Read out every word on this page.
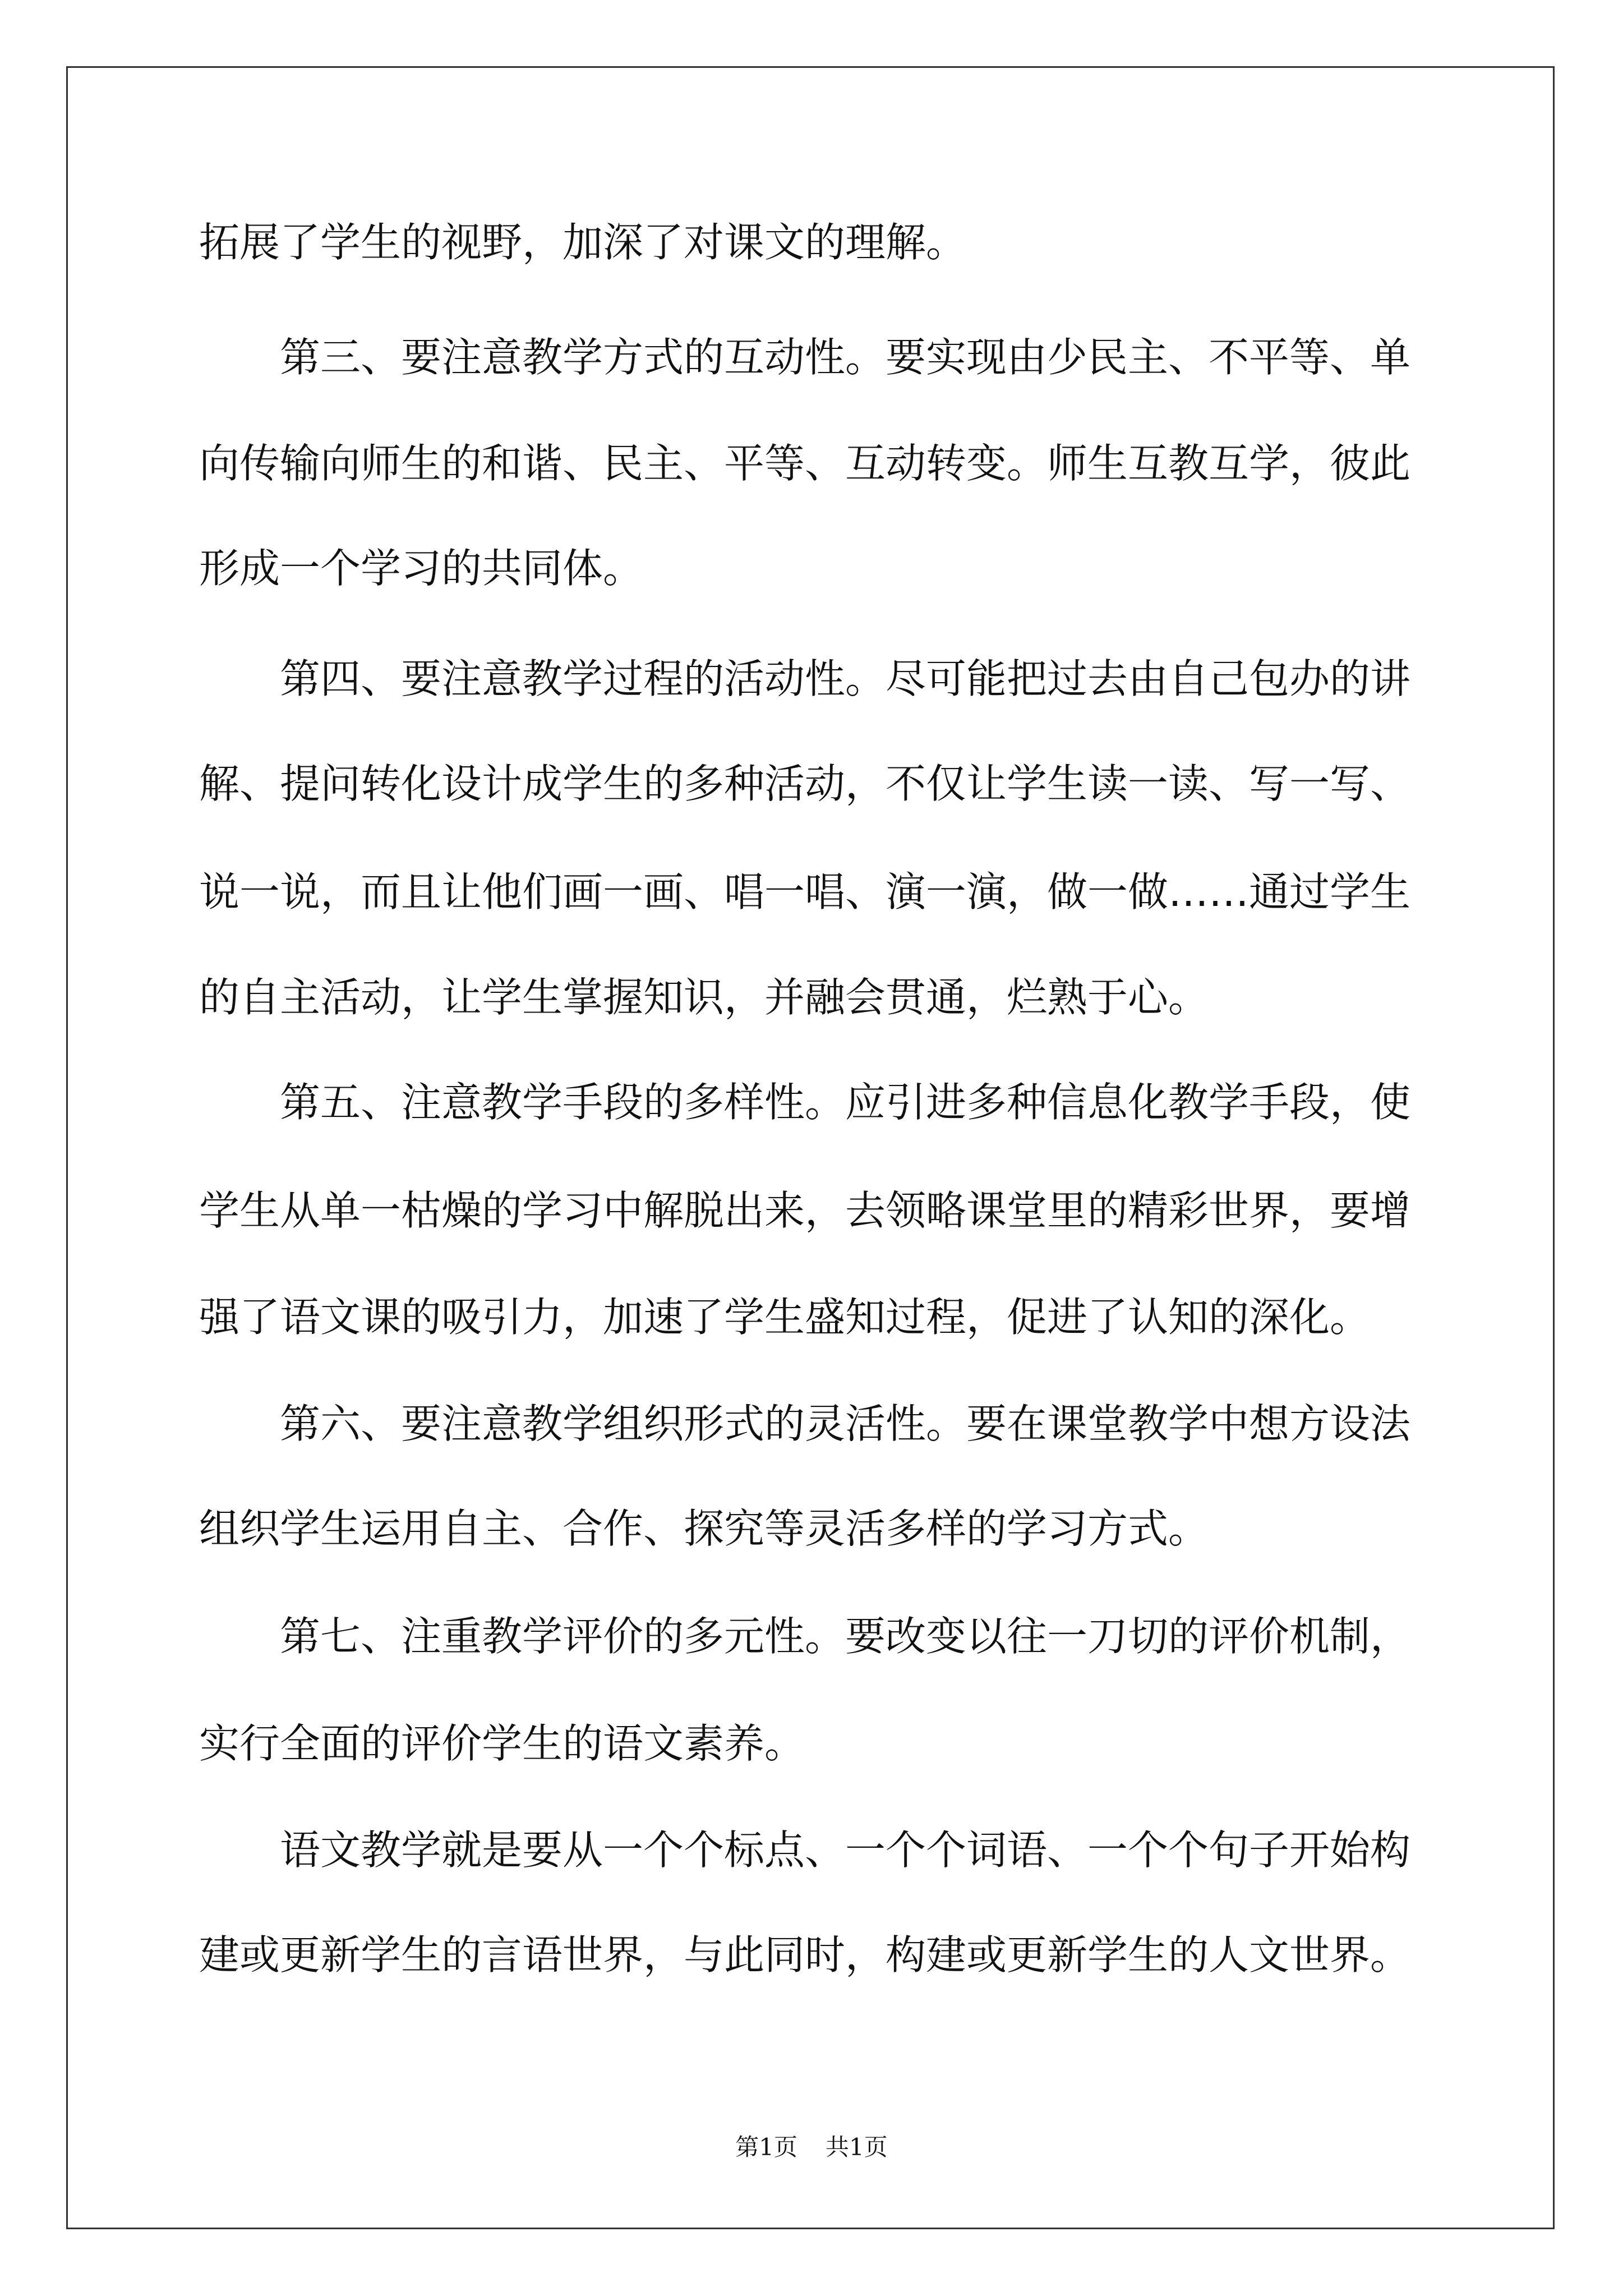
拓展了学生的视野，加深了对课文的理解。
　　第三、要注意教学方式的互动性。要实现由少民主、不平等、单
向传输向师生的和谐、民主、平等、互动转变。师生互教互学，彼此
形成一个学习的共同体。
　　第四、要注意教学过程的活动性。尽可能把过去由自己包办的讲
解、提问转化设计成学生的多种活动，不仅让学生读一读、写一写、
说一说，而且让他们画一画、唱一唱、演一演，做一做……通过学生
的自主活动，让学生掌握知识，并融会贯通，烂熟于心。
　　第五、注意教学手段的多样性。应引进多种信息化教学手段，使
学生从单一枯燥的学习中解脱出来，去领略课堂里的精彩世界，要增
强了语文课的吸引力，加速了学生盛知过程，促进了认知的深化。
　　第六、要注意教学组织形式的灵活性。要在课堂教学中想方设法
组织学生运用自主、合作、探究等灵活多样的学习方式。
　　第七、注重教学评价的多元性。要改变以往一刀切的评价机制，
实行全面的评价学生的语文素养。
　　语文教学就是要从一个个标点、一个个词语、一个个句子开始构
建或更新学生的言语世界，与此同时，构建或更新学生的人文世界。
第1页 共1页
